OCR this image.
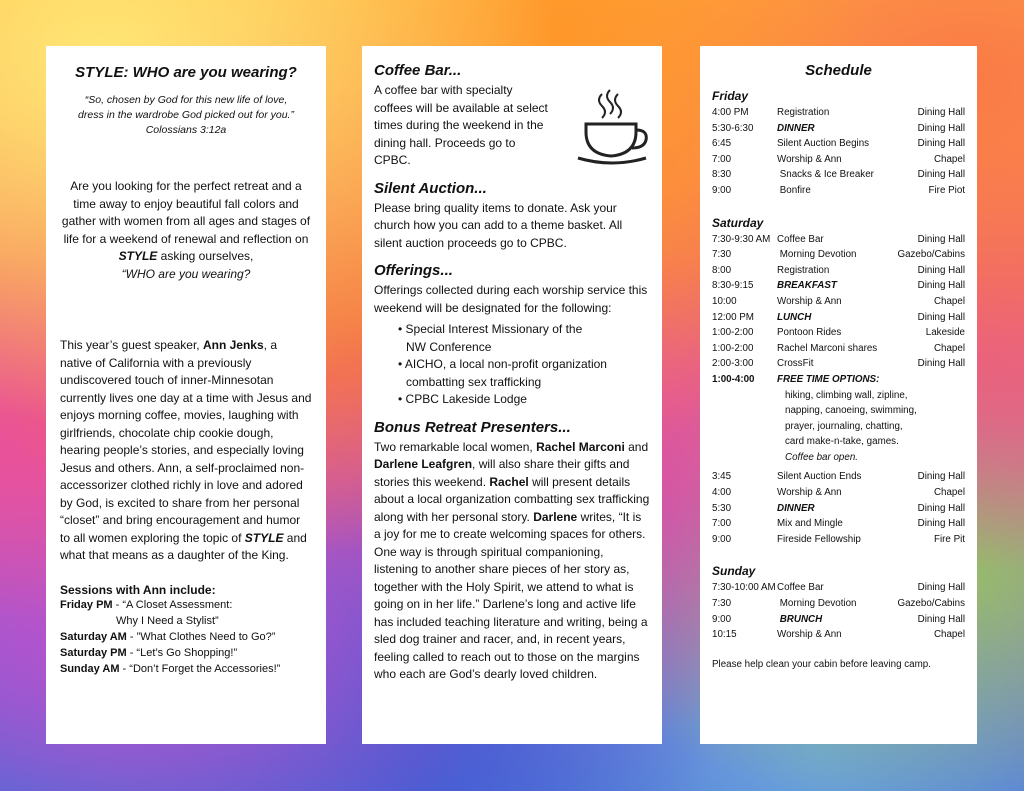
STYLE: WHO are you wearing?
“So, chosen by God for this new life of love,
dress in the wardrobe God picked out for you.”
Colossians 3:12a

Are you looking for the perfect retreat and a time away to enjoy beautiful fall colors and gather with women from all ages and stages of life for a weekend of renewal and reflection on STYLE asking ourselves,
“WHO are you wearing?

This year’s guest speaker, Ann Jenks, a native of California with a previously undiscovered touch of inner-Minnesotan currently lives one day at a time with Jesus and enjoys morning coffee, movies, laughing with girlfriends, chocolate chip cookie dough, hearing people’s stories, and especially loving Jesus and others. Ann, a self-proclaimed non-accessorizer clothed richly in love and adored by God, is excited to share from her personal “closet” and bring encouragement and humor to all women exploring the topic of STYLE and what that means as a daughter of the King.

Sessions with Ann include:
Friday PM - “A Closet Assessment:
Why I Need a Stylist”
Saturday AM - ”What Clothes Need to Go?”
Saturday PM - “Let’s Go Shopping!”
Sunday AM - “Don’t Forget the Accessories!”
Coffee Bar...
A coffee bar with specialty coffees will be available at select times during the weekend in the dining hall. Proceeds go to CPBC.
Silent Auction...
Please bring quality items to donate. Ask your church how you can add to a theme basket. All silent auction proceeds go to CPBC.
Offerings...
Offerings collected during each worship service this weekend will be designated for the following:
• Special Interest Missionary of the
NW Conference
• AICHO, a local non-profit organization
combatting sex trafficking
• CPBC Lakeside Lodge
Bonus Retreat Presenters...
Two remarkable local women, Rachel Marconi and Darlene Leafgren, will also share their gifts and stories this weekend. Rachel will present details about a local organization combatting sex trafficking along with her personal story. Darlene writes, “It is a joy for me to create welcoming spaces for others. One way is through spiritual companioning, listening to another share pieces of her story as, together with the Holy Spirit, we attend to what is going on in her life.” Darlene’s long and active life has included teaching literature and writing, being a sled dog trainer and racer, and, in recent years, feeling called to reach out to those on the margins who each are God’s dearly loved children.
Schedule
Friday
4:00 PM	Registration	Dining Hall
5:30-6:30	DINNER	Dining Hall
6:45	Silent Auction Begins	Dining Hall
7:00	Worship & Ann	Chapel
8:30	Snacks & Ice Breaker	Dining Hall
9:00	Bonfire	Fire Piot
Saturday
7:30-9:30 AM Coffee Bar	Dining Hall
7:30	Morning Devotion	Gazebo/Cabins
8:00	Registration	Dining Hall
8:30-9:15	BREAKFAST	Dining Hall
10:00	Worship & Ann	Chapel
12:00 PM	LUNCH	Dining Hall
1:00-2:00	Pontoon Rides	Lakeside
1:00-2:00	Rachel Marconi shares	Chapel
2:00-3:00	CrossFit	Dining Hall
1:00-4:00	FREE TIME OPTIONS:
hiking, climbing wall, zipline,
napping, canoeing, swimming,
prayer, journaling, chatting,
card make-n-take, games.
Coffee bar open.
3:45	Silent Auction Ends	Dining Hall
4:00	Worship & Ann	Chapel
5:30	DINNER	Dining Hall
7:00	Mix and Mingle	Dining Hall
9:00	Fireside Fellowship	Fire Pit
Sunday
7:30-10:00 AM Coffee Bar	Dining Hall
7:30	Morning Devotion	Gazebo/Cabins
9:00	BRUNCH	Dining Hall
10:15	Worship & Ann	Chapel
Please help clean your cabin before leaving camp.
